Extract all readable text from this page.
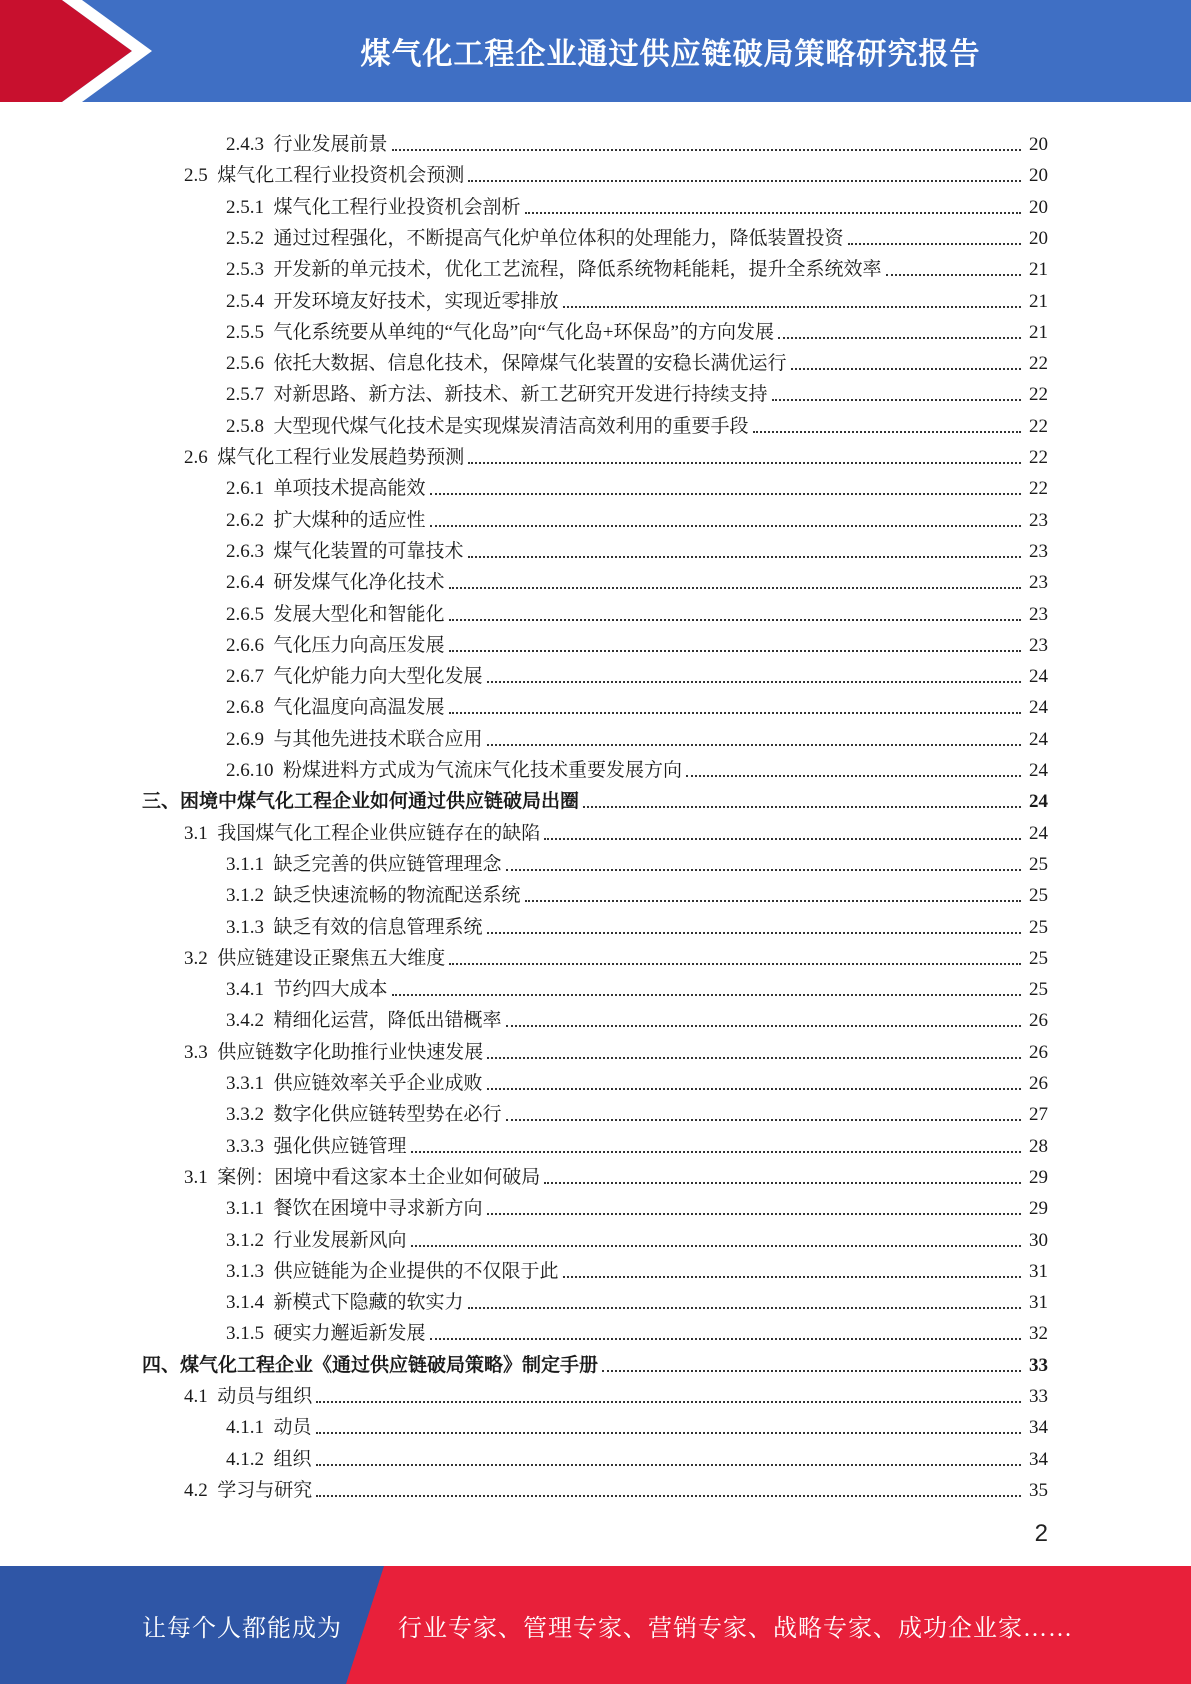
煤气化工程企业通过供应链破局策略研究报告
2.4.3 行业发展前景	20
2.5 煤气化工程行业投资机会预测	20
2.5.1 煤气化工程行业投资机会剖析	20
2.5.2 通过过程强化，不断提高气化炉单位体积的处理能力，降低装置投资	20
2.5.3 开发新的单元技术，优化工艺流程，降低系统物耗能耗，提升全系统效率	21
2.5.4 开发环境友好技术，实现近零排放	21
2.5.5 气化系统要从单纯的“气化岛”向“气化岛+环保岛”的方向发展	21
2.5.6 依托大数据、信息化技术，保障煤气化装置的安稳长满优运行	22
2.5.7 对新思路、新方法、新技术、新工艺研究开发进行持续支持	22
2.5.8 大型现代煤气化技术是实现煤炭清洁高效利用的重要手段	22
2.6 煤气化工程行业发展趋势预测	22
2.6.1 单项技术提高能效	22
2.6.2 扩大煤种的适应性	23
2.6.3 煤气化装置的可靠技术	23
2.6.4 研发煤气化净化技术	23
2.6.5 发展大型化和智能化	23
2.6.6 气化压力向高压发展	23
2.6.7 气化炉能力向大型化发展	24
2.6.8 气化温度向高温发展	24
2.6.9 与其他先进技术联合应用	24
2.6.10 粉煤进料方式成为气流床气化技术重要发展方向	24
三、困境中煤气化工程企业如何通过供应链破局出圈	24
3.1 我国煤气化工程企业供应链存在的缺陷	24
3.1.1 缺乏完善的供应链管理理念	25
3.1.2 缺乏快速流畅的物流配送系统	25
3.1.3 缺乏有效的信息管理系统	25
3.2 供应链建设正聚焦五大维度	25
3.4.1 节约四大成本	25
3.4.2 精细化运营，降低出错概率	26
3.3 供应链数字化助推行业快速发展	26
3.3.1 供应链效率关乎企业成败	26
3.3.2 数字化供应链转型势在必行	27
3.3.3 强化供应链管理	28
3.1 案例：困境中看这家本土企业如何破局	29
3.1.1 餐饮在困境中寻求新方向	29
3.1.2 行业发展新风向	30
3.1.3 供应链能为企业提供的不仅限于此	31
3.1.4 新模式下隐藏的软实力	31
3.1.5 硬实力邂逅新发展	32
四、煤气化工程企业《通过供应链破局策略》制定手册	33
4.1 动员与组织	33
4.1.1 动员	34
4.1.2 组织	34
4.2 学习与研究	35
2
让每个人都能成为 行业专家、管理专家、营销专家、战略专家、成功企业家……
